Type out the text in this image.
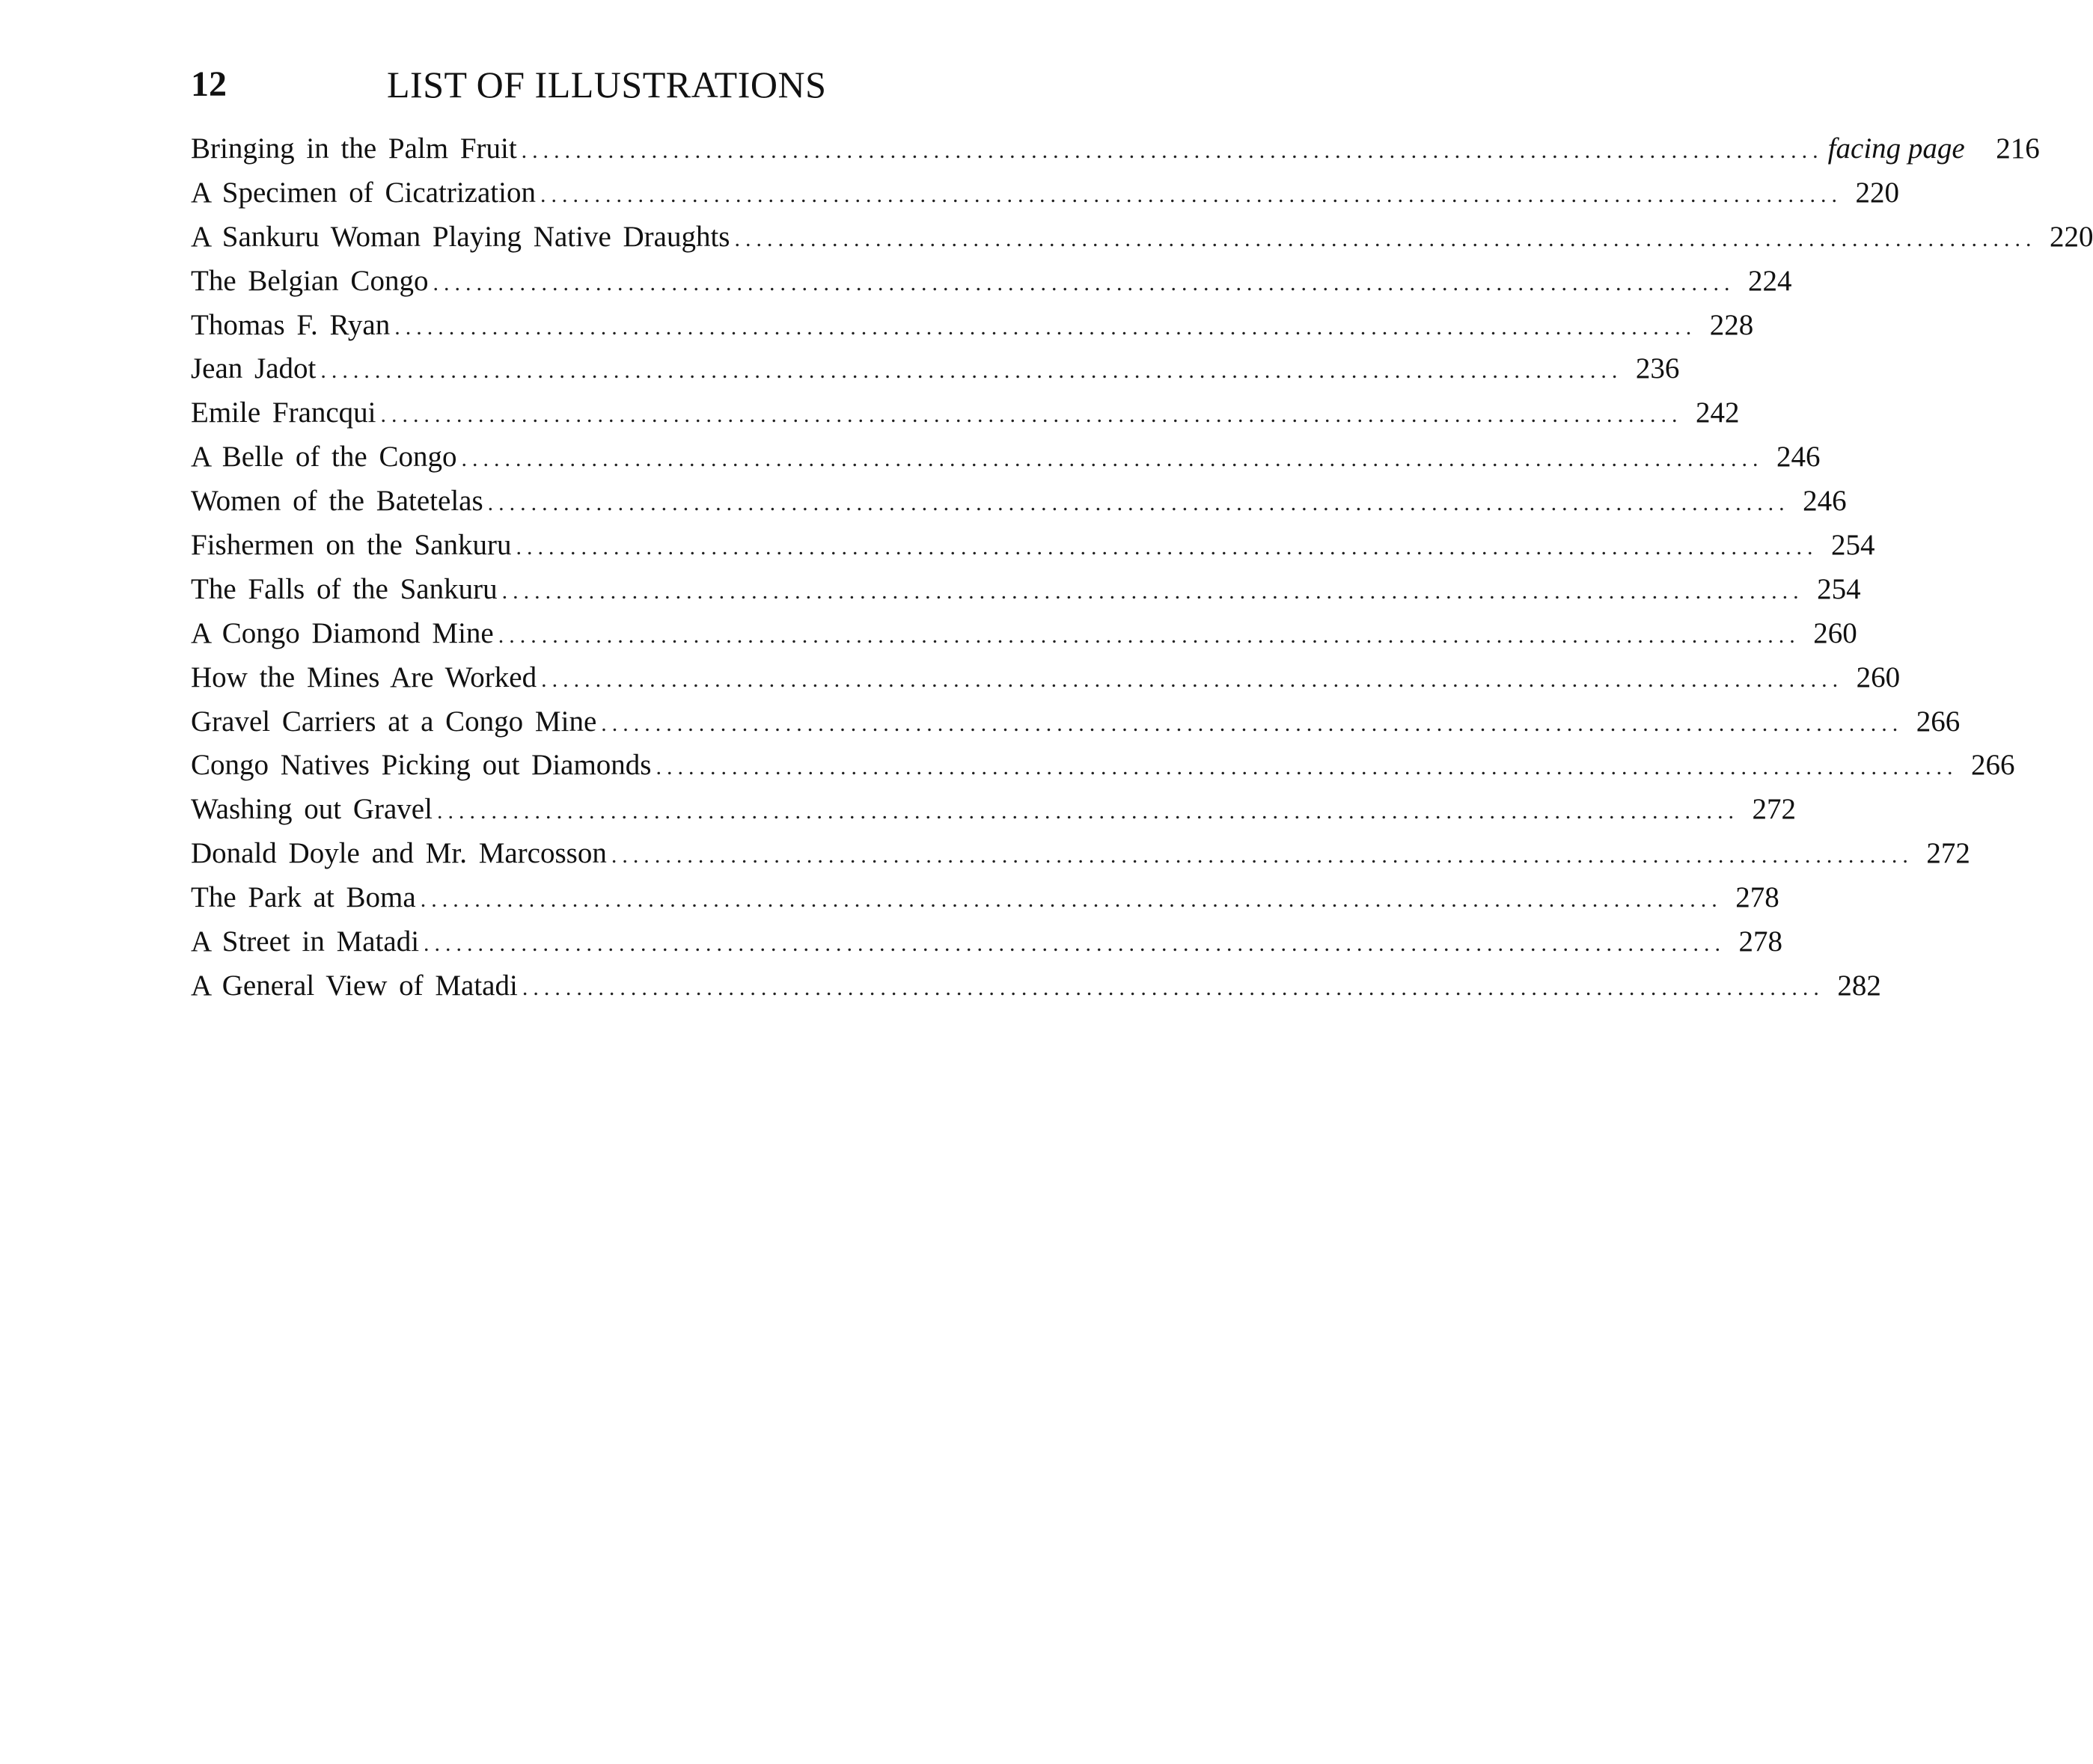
12	LIST OF ILLUSTRATIONS
Bringing in the Palm Fruit ........................................................................................................................ facing page	216
A Specimen of Cicatrization ........................................................................................................................ 220
A Sankuru Woman Playing Native Draughts ........................................................................................................................ 220
The Belgian Congo ........................................................................................................................ 224
Thomas F. Ryan ........................................................................................................................ 228
Jean Jadot ........................................................................................................................ 236
Emile Francqui ........................................................................................................................ 242
A Belle of the Congo ........................................................................................................................ 246
Women of the Batetelas ........................................................................................................................ 246
Fishermen on the Sankuru ........................................................................................................................ 254
The Falls of the Sankuru ........................................................................................................................ 254
A Congo Diamond Mine ........................................................................................................................ 260
How the Mines Are Worked ........................................................................................................................ 260
Gravel Carriers at a Congo Mine ........................................................................................................................ 266
Congo Natives Picking out Diamonds ........................................................................................................................ 266
Washing out Gravel ........................................................................................................................ 272
Donald Doyle and Mr. Marcosson ........................................................................................................................ 272
The Park at Boma ........................................................................................................................ 278
A Street in Matadi ........................................................................................................................ 278
A General View of Matadi ........................................................................................................................ 282
